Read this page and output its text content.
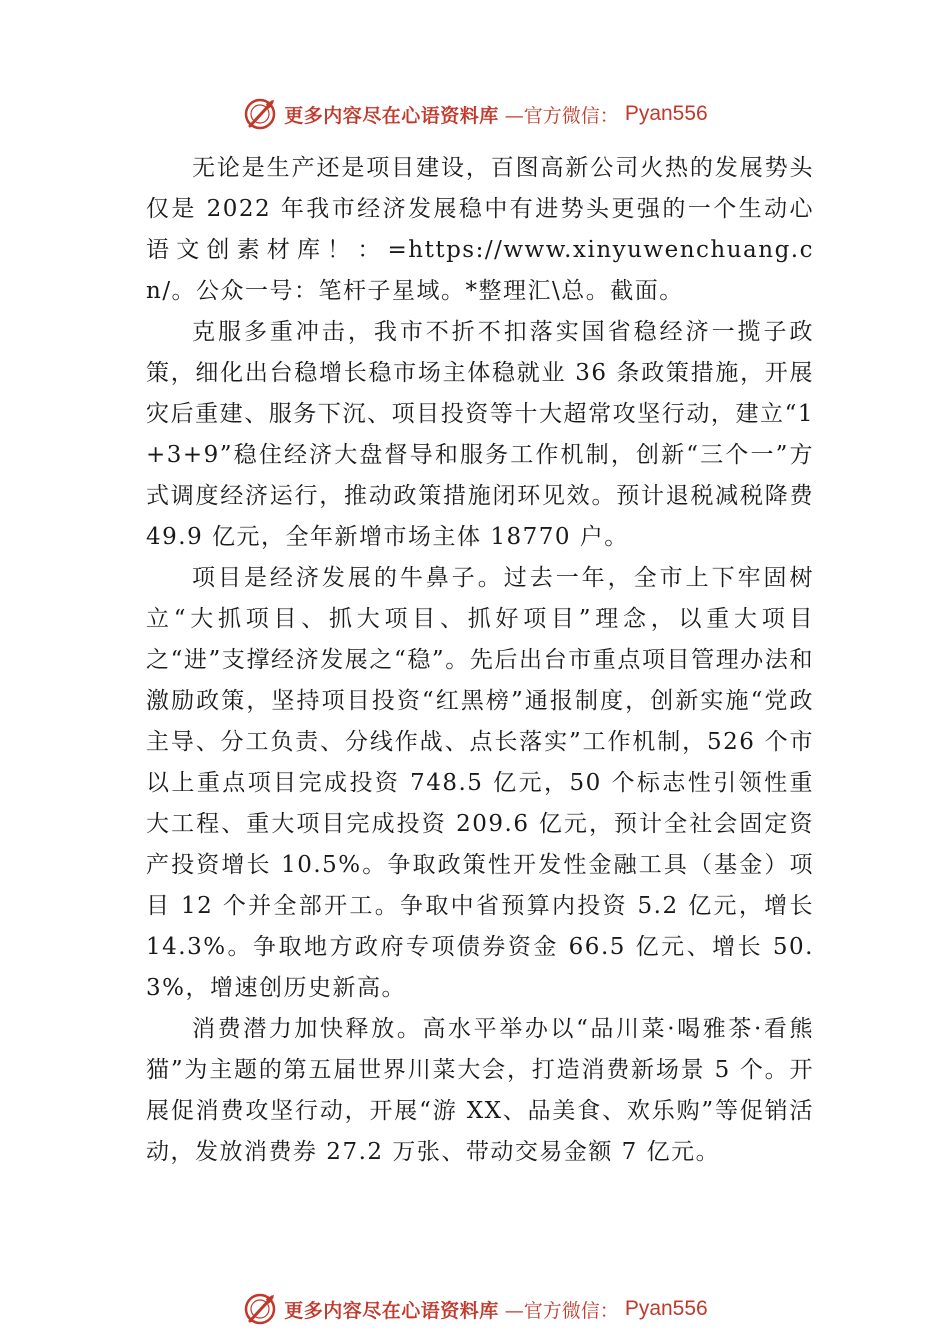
更多内容尽在心语资料库 —官方微信： Pyan556

无论是生产还是项目建设，百图高新公司火热的发展势头仅是 2022 年我市经济发展稳中有进势头更强的一个生动心语文创素材库！：=https://www.xinyuwenchuang.cn/。公众一号：笔杆子星域。*整理汇\总。截面。

克服多重冲击，我市不折不扣落实国省稳经济一揽子政策，细化出台稳增长稳市场主体稳就业 36 条政策措施，开展灾后重建、服务下沉、项目投资等十大超常攻坚行动，建立“1+3+9”稳住经济大盘督导和服务工作机制，创新“三个一”方式调度经济运行，推动政策措施闭环见效。预计退税减税降费 49.9 亿元，全年新增市场主体 18770 户。

项目是经济发展的牛鼻子。过去一年，全市上下牢固树立“大抓项目、抓大项目、抓好项目”理念，以重大项目之“进”支撑经济发展之“稳”。先后出台市重点项目管理办法和激励政策，坚持项目投资“红黑榜”通报制度，创新实施“党政主导、分工负责、分线作战、点长落实”工作机制，526 个市以上重点项目完成投资 748.5 亿元，50 个标志性引领性重大工程、重大项目完成投资 209.6 亿元，预计全社会固定资产投资增长 10.5%。争取政策性开发性金融工具（基金）项目 12 个并全部开工。争取中省预算内投资 5.2 亿元，增长 14.3%。争取地方政府专项债券资金 66.5 亿元、增长 50.3%，增速创历史新高。

消费潜力加快释放。高水平举办以“品川菜·喝雅茶·看熊猫”为主题的第五届世界川菜大会，打造消费新场景 5 个。开展促消费攻坚行动，开展“游 XX、品美食、欢乐购”等促销活动，发放消费券 27.2 万张、带动交易金额 7 亿元。

更多内容尽在心语资料库 —官方微信： Pyan556
